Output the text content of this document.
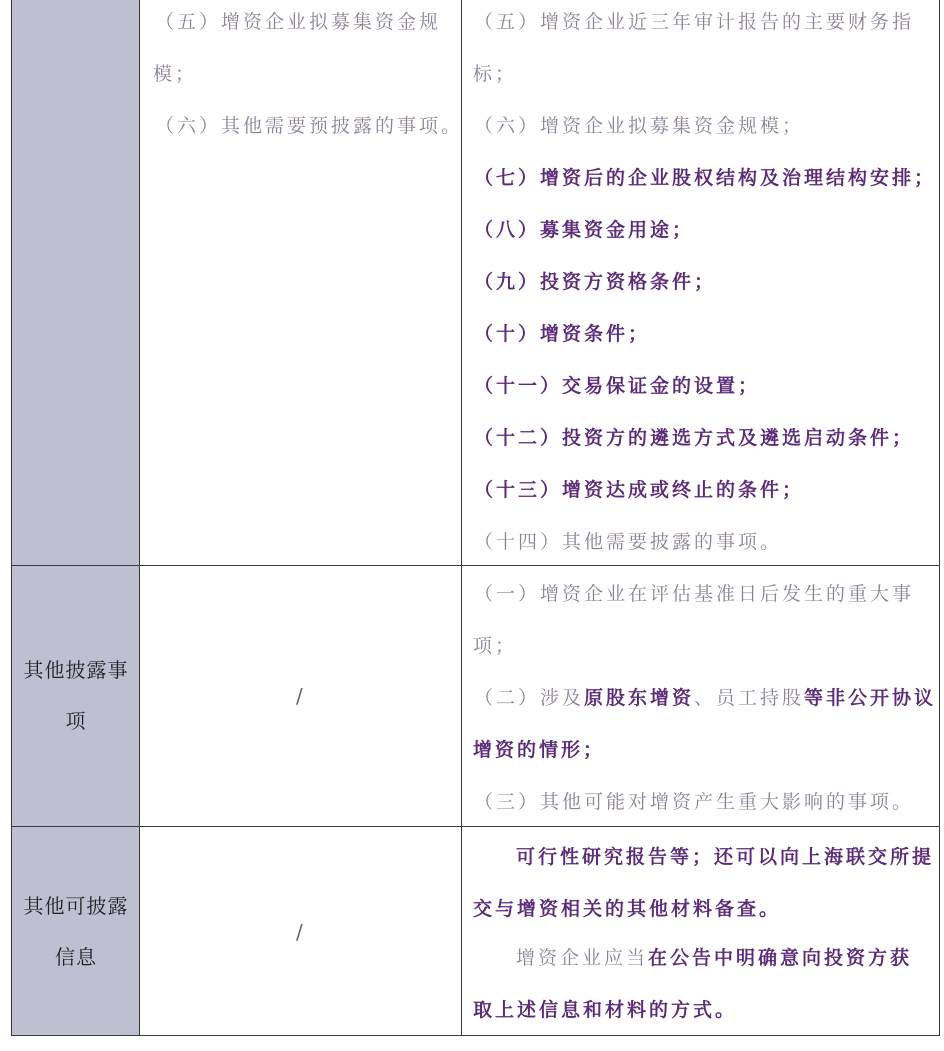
（五）增资企业拟募集资金规
模；
（六）其他需要预披露的事项。
（五）增资企业近三年审计报告的主要财务指
标；
（六）增资企业拟募集资金规模；
（七）增资后的企业股权结构及治理结构安排；
（八）募集资金用途；
（九）投资方资格条件；
（十）增资条件；
（十一）交易保证金的设置；
（十二）投资方的遴选方式及遴选启动条件；
（十三）增资达成或终止的条件；
（十四）其他需要披露的事项。
其他披露事
项
/
（一）增资企业在评估基准日后发生的重大事
项；
（二）涉及原股东增资、员工持股等非公开协议
增资的情形；
（三）其他可能对增资产生重大影响的事项。
其他可披露
信息
/
可行性研究报告等；还可以向上海联交所提
交与增资相关的其他材料备查。
增资企业应当在公告中明确意向投资方获
取上述信息和材料的方式。
